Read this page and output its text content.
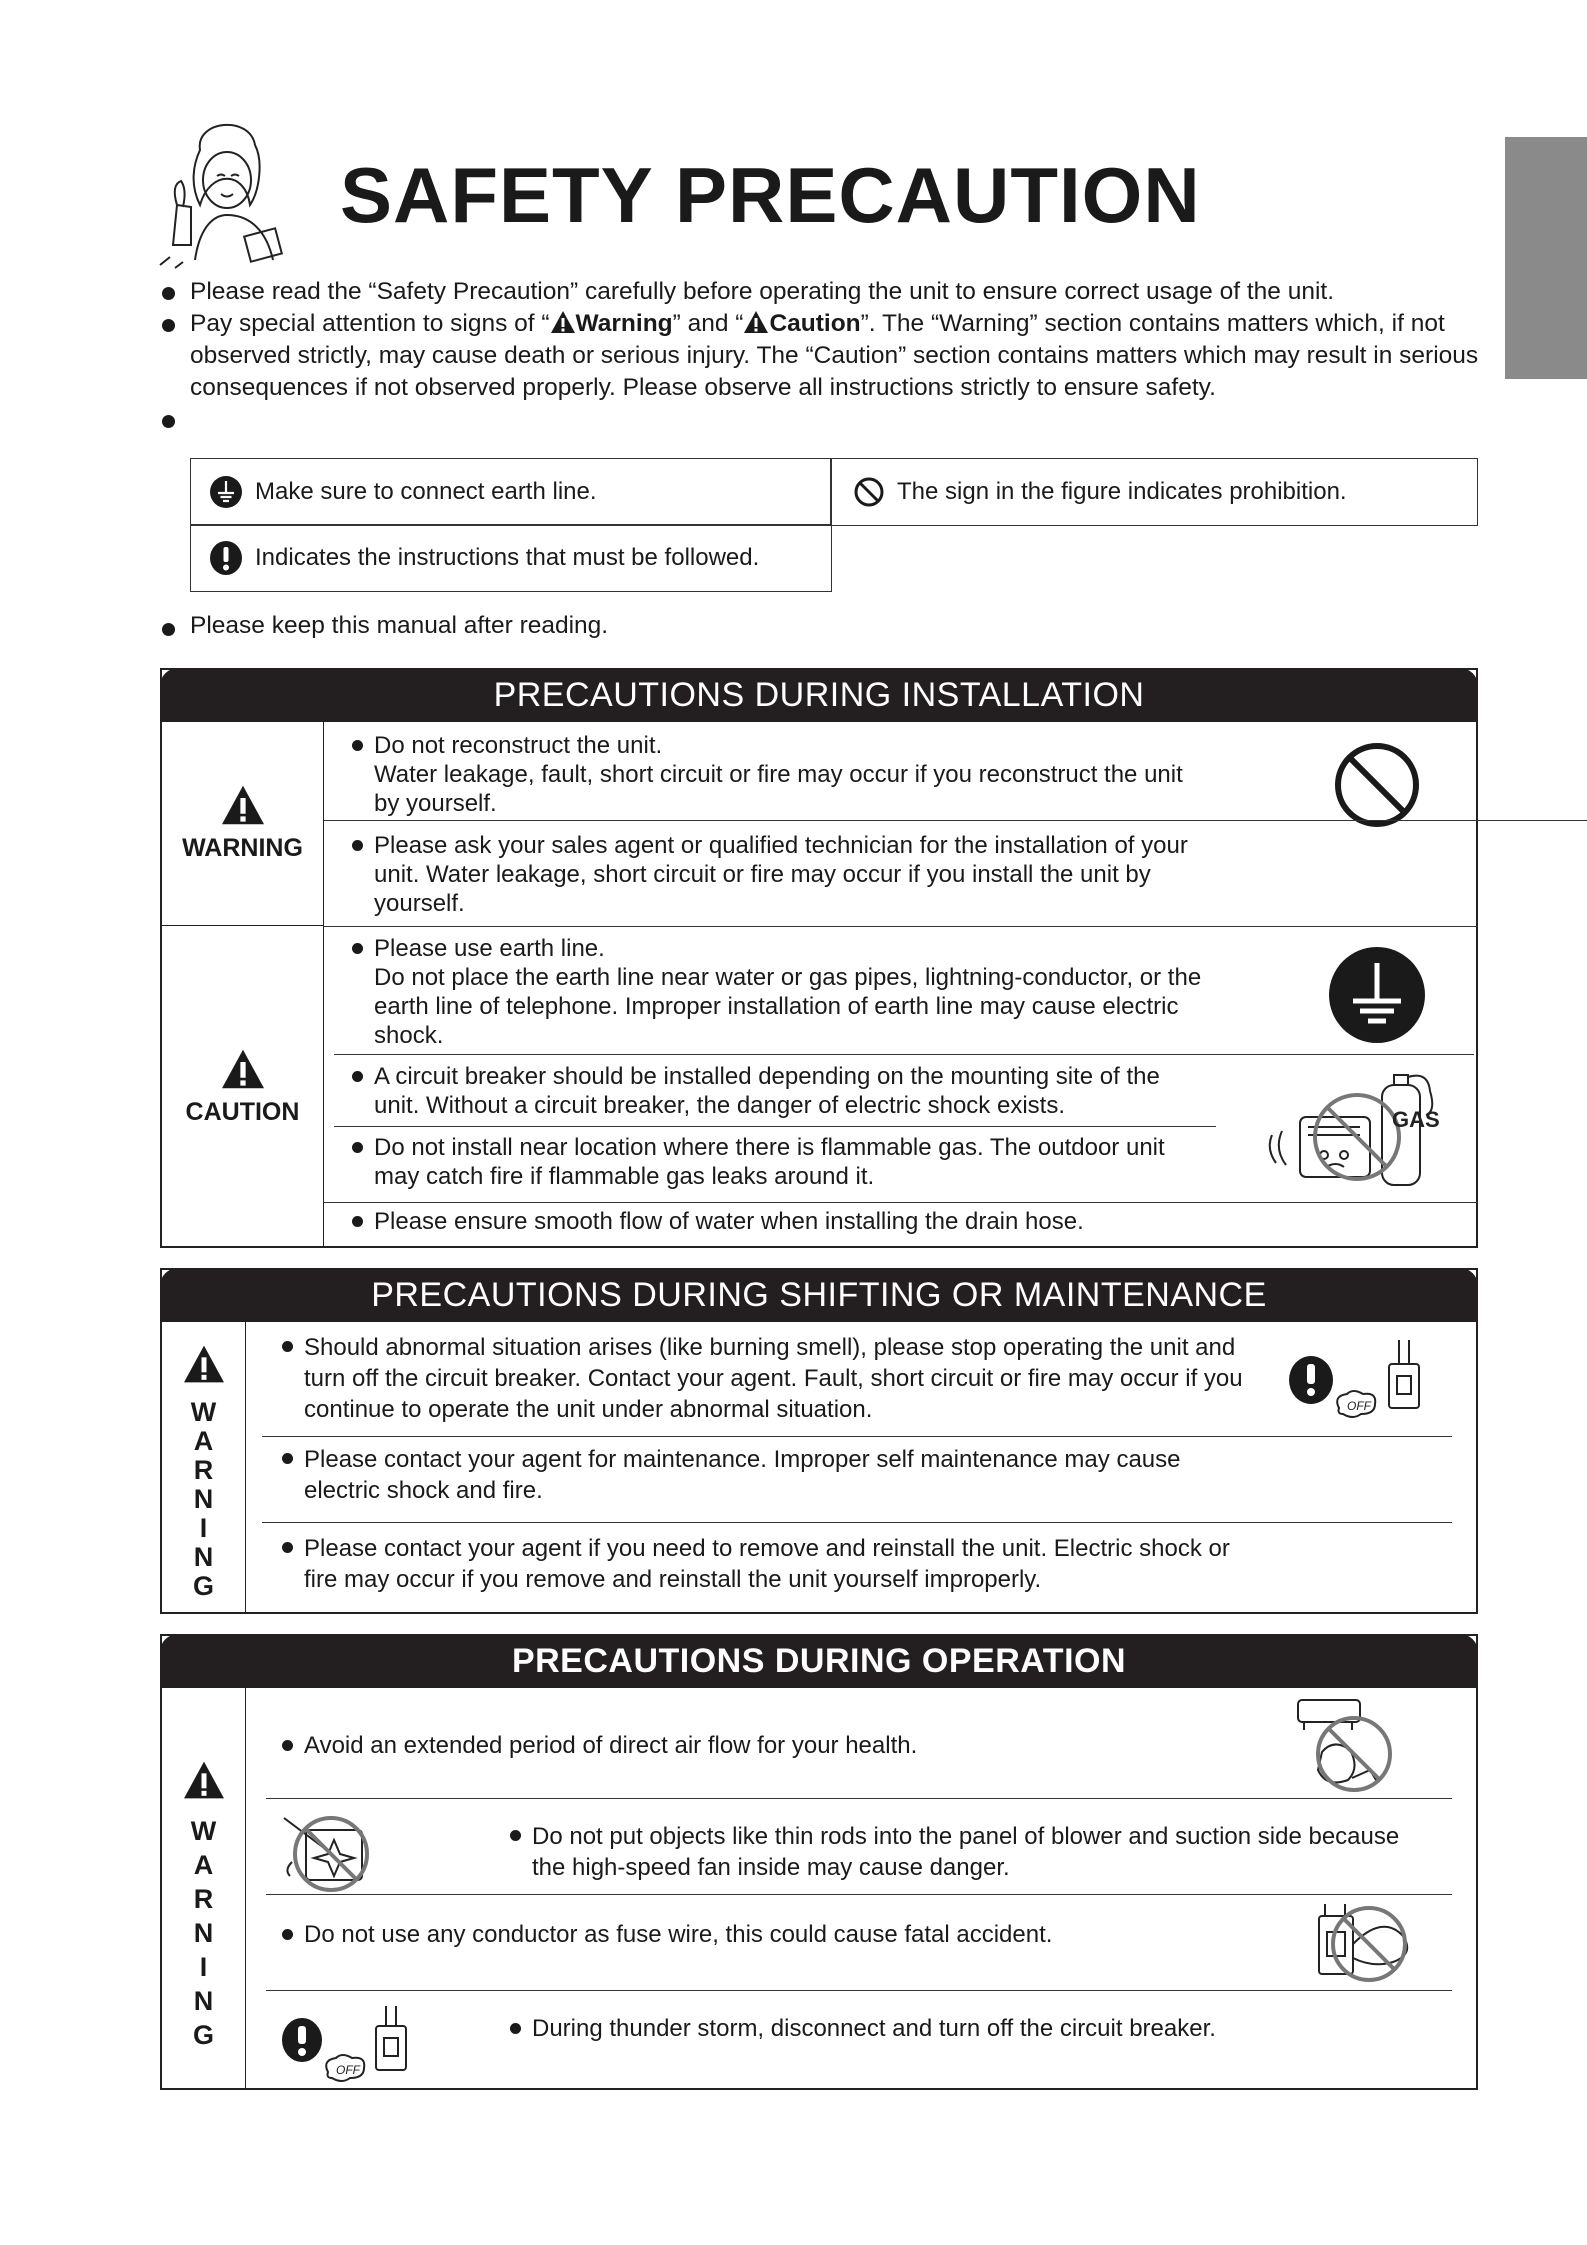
SAFETY PRECAUTION

Please read the “Safety Precaution” carefully before operating the unit to ensure correct usage of the unit.

Pay special attention to signs of “ Warning” and “ Caution”. The “Warning” section contains matters which, if not observed strictly, may cause death or serious injury. The “Caution” section contains matters which may result in serious consequences if not observed properly. Please observe all instructions strictly to ensure safety.

Make sure to connect earth line.	The sign in the figure indicates prohibition.
Indicates the instructions that must be followed.
Please keep this manual after reading.
PRECAUTIONS DURING INSTALLATION
WARNING
CAUTION
Do not reconstruct the unit.
Water leakage, fault, short circuit or fire may occur if you reconstruct the unit by yourself.
Please ask your sales agent or qualified technician for the installation of your unit. Water leakage, short circuit or fire may occur if you install the unit by yourself.
Please use earth line.
Do not place the earth line near water or gas pipes, lightning-conductor, or the earth line of telephone. Improper installation of earth line may cause electric shock.
A circuit breaker should be installed depending on the mounting site of the unit. Without a circuit breaker, the danger of electric shock exists.
Do not install near location where there is flammable gas. The outdoor unit may catch fire if flammable gas leaks around it.
GAS
Please ensure smooth flow of water when installing the drain hose.
PRECAUTIONS DURING SHIFTING OR MAINTENANCE
W
A
R
N
I
N
G
Should abnormal situation arises (like burning smell), please stop operating the unit and turn off the circuit breaker. Contact your agent. Fault, short circuit or fire may occur if you continue to operate the unit under abnormal situation.	OFF
Please contact your agent for maintenance. Improper self maintenance may cause electric shock and fire.
Please contact your agent if you need to remove and reinstall the unit. Electric shock or fire may occur if you remove and reinstall the unit yourself improperly.
PRECAUTIONS DURING OPERATION
W
A
R
N
I
N
G
Avoid an extended period of direct air flow for your health.
Do not put objects like thin rods into the panel of blower and suction side because the high-speed fan inside may cause danger.
Do not use any conductor as fuse wire, this could cause fatal accident.
OFF
During thunder storm, disconnect and turn off the circuit breaker.
